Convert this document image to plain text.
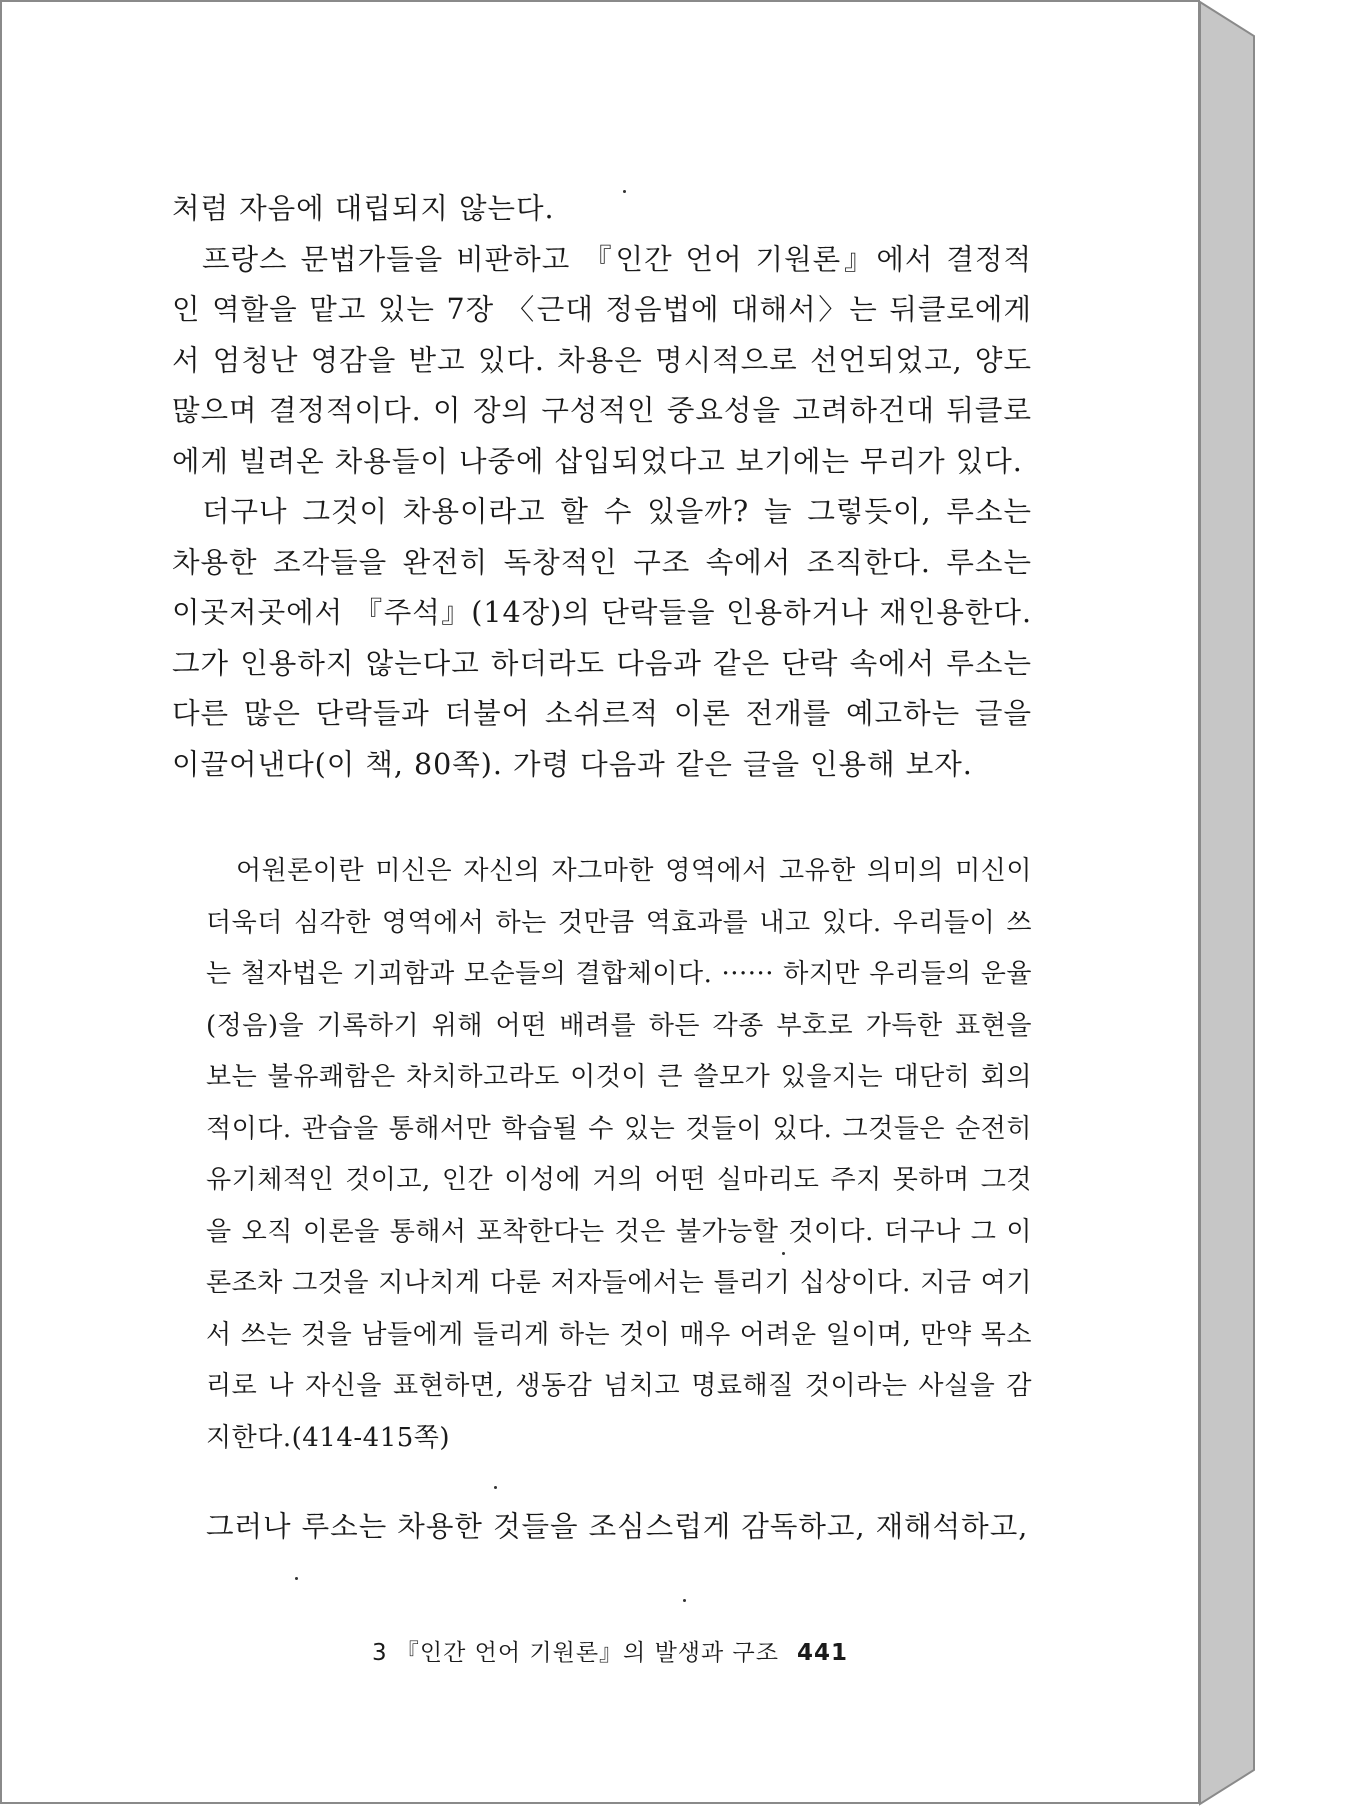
처럼 자음에 대립되지 않는다.

프랑스 문법가들을 비판하고 『인간 언어 기원론』에서 결정적인 역할을 맡고 있는 7장 〈근대 정음법에 대해서〉는 뒤클로에게서 엄청난 영감을 받고 있다. 차용은 명시적으로 선언되었고, 양도 많으며 결정적이다. 이 장의 구성적인 중요성을 고려하건대 뒤클로에게 빌려온 차용들이 나중에 삽입되었다고 보기에는 무리가 있다.

더구나 그것이 차용이라고 할 수 있을까? 늘 그렇듯이, 루소는 차용한 조각들을 완전히 독창적인 구조 속에서 조직한다. 루소는 이곳저곳에서 『주석』(14장)의 단락들을 인용하거나 재인용한다. 그가 인용하지 않는다고 하더라도 다음과 같은 단락 속에서 루소는 다른 많은 단락들과 더불어 소쉬르적 이론 전개를 예고하는 글을 이끌어낸다(이 책, 80쪽). 가령 다음과 같은 글을 인용해 보자.

어원론이란 미신은 자신의 자그마한 영역에서 고유한 의미의 미신이 더욱더 심각한 영역에서 하는 것만큼 역효과를 내고 있다. 우리들이 쓰는 철자법은 기괴함과 모순들의 결합체이다. ······ 하지만 우리들의 운율(정음)을 기록하기 위해 어떤 배려를 하든 각종 부호로 가득한 표현을 보는 불유쾌함은 차치하고라도 이것이 큰 쓸모가 있을지는 대단히 회의적이다. 관습을 통해서만 학습될 수 있는 것들이 있다. 그것들은 순전히 유기체적인 것이고, 인간 이성에 거의 어떤 실마리도 주지 못하며 그것을 오직 이론을 통해서 포착한다는 것은 불가능할 것이다. 더구나 그 이론조차 그것을 지나치게 다룬 저자들에서는 틀리기 십상이다. 지금 여기서 쓰는 것을 남들에게 들리게 하는 것이 매우 어려운 일이며, 만약 목소리로 나 자신을 표현하면, 생동감 넘치고 명료해질 것이라는 사실을 감지한다.(414-415쪽)

그러나 루소는 차용한 것들을 조심스럽게 감독하고, 재해석하고,

3 『인간 언어 기원론』의 발생과 구조 441
